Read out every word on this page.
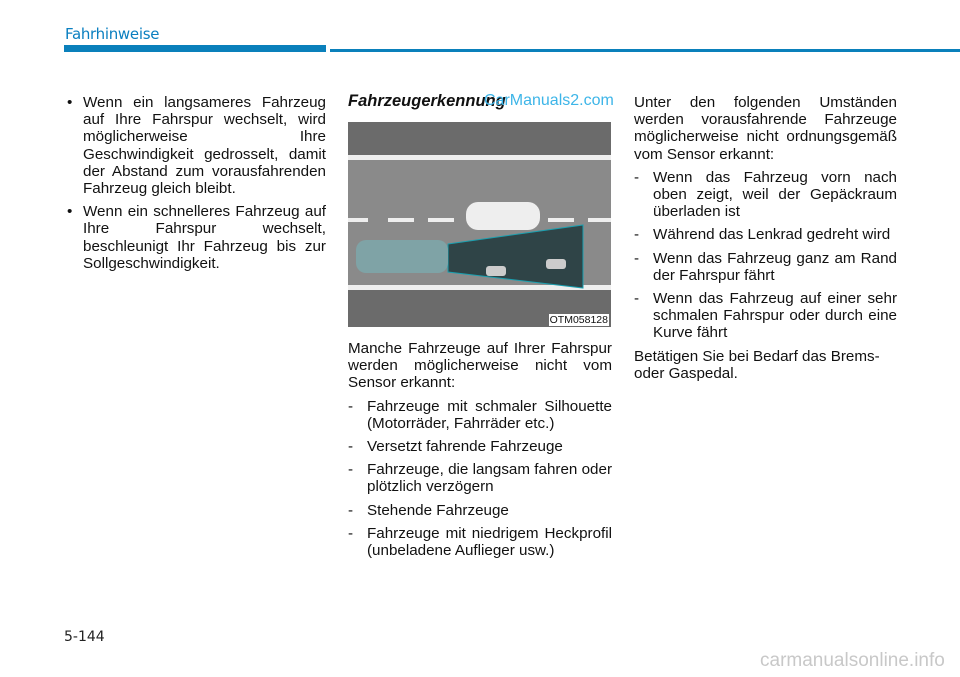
Fahrhinweise
• Wenn ein langsameres Fahrzeug auf Ihre Fahrspur wechselt, wird möglicherweise Ihre Geschwindigkeit gedrosselt, damit der Abstand zum vorausfahrenden Fahrzeug gleich bleibt.
• Wenn ein schnelleres Fahrzeug auf Ihre Fahrspur wechselt, beschleunigt Ihr Fahrzeug bis zur Sollgeschwindigkeit.
Fahrzeugerkennung
CarManuals2.com
OTM058128

Manche Fahrzeuge auf Ihrer Fahrspur werden möglicherweise nicht vom Sensor erkannt:

- Fahrzeuge mit schmaler Silhouette (Motorräder, Fahrräder etc.)
- Versetzt fahrende Fahrzeuge
- Fahrzeuge, die langsam fahren oder plötzlich verzögern
- Stehende Fahrzeuge
- Fahrzeuge mit niedrigem Heckprofil (unbeladene Auflieger usw.)

Unter den folgenden Umständen werden vorausfahrende Fahrzeuge möglicherweise nicht ordnungsgemäß vom Sensor erkannt:

- Wenn das Fahrzeug vorn nach oben zeigt, weil der Gepäckraum überladen ist
- Während das Lenkrad gedreht wird
- Wenn das Fahrzeug ganz am Rand der Fahrspur fährt
- Wenn das Fahrzeug auf einer sehr schmalen Fahrspur oder durch eine Kurve fährt

Betätigen Sie bei Bedarf das Brems- oder Gaspedal.

5-144
carmanualsonline.info
